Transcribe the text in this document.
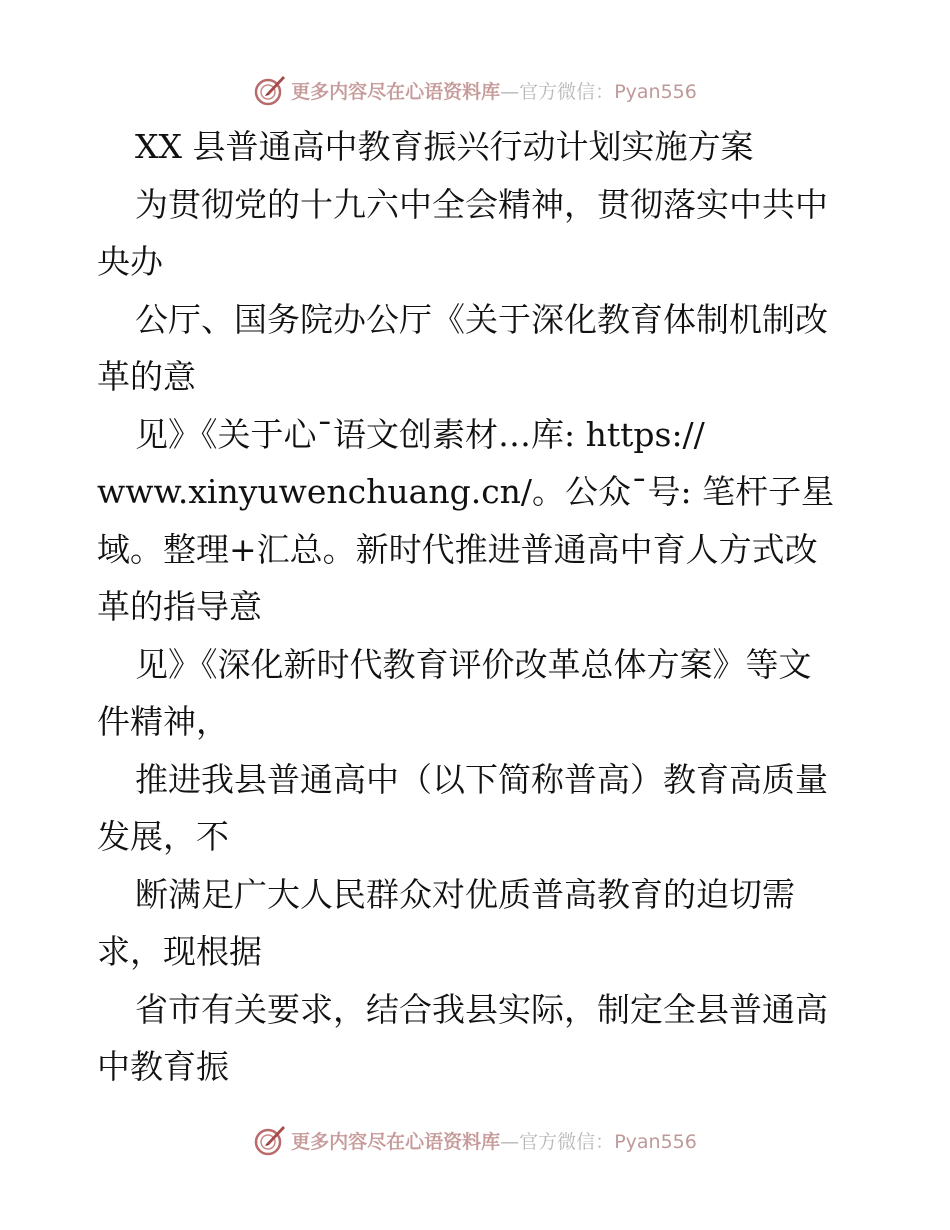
更多内容尽在心语资料库—官方微信：Pyan556
XX 县普通高中教育振兴行动计划实施方案
为贯彻党的十九六中全会精神，贯彻落实中共中
央办
公厅、国务院办公厅《关于深化教育体制机制改
革的意
见》《关于心¯语文创素材…库: https://
www.xinyuwenchuang.cn/。公众¯号: 笔杆子星
域。整理+汇总。新时代推进普通高中育人方式改
革的指导意
见》《深化新时代教育评价改革总体方案》等文
件精神，
推进我县普通高中（以下简称普高）教育高质量
发展，不
断满足广大人民群众对优质普高教育的迫切需
求，现根据
省市有关要求，结合我县实际，制定全县普通高
中教育振
更多内容尽在心语资料库—官方微信：Pyan556
